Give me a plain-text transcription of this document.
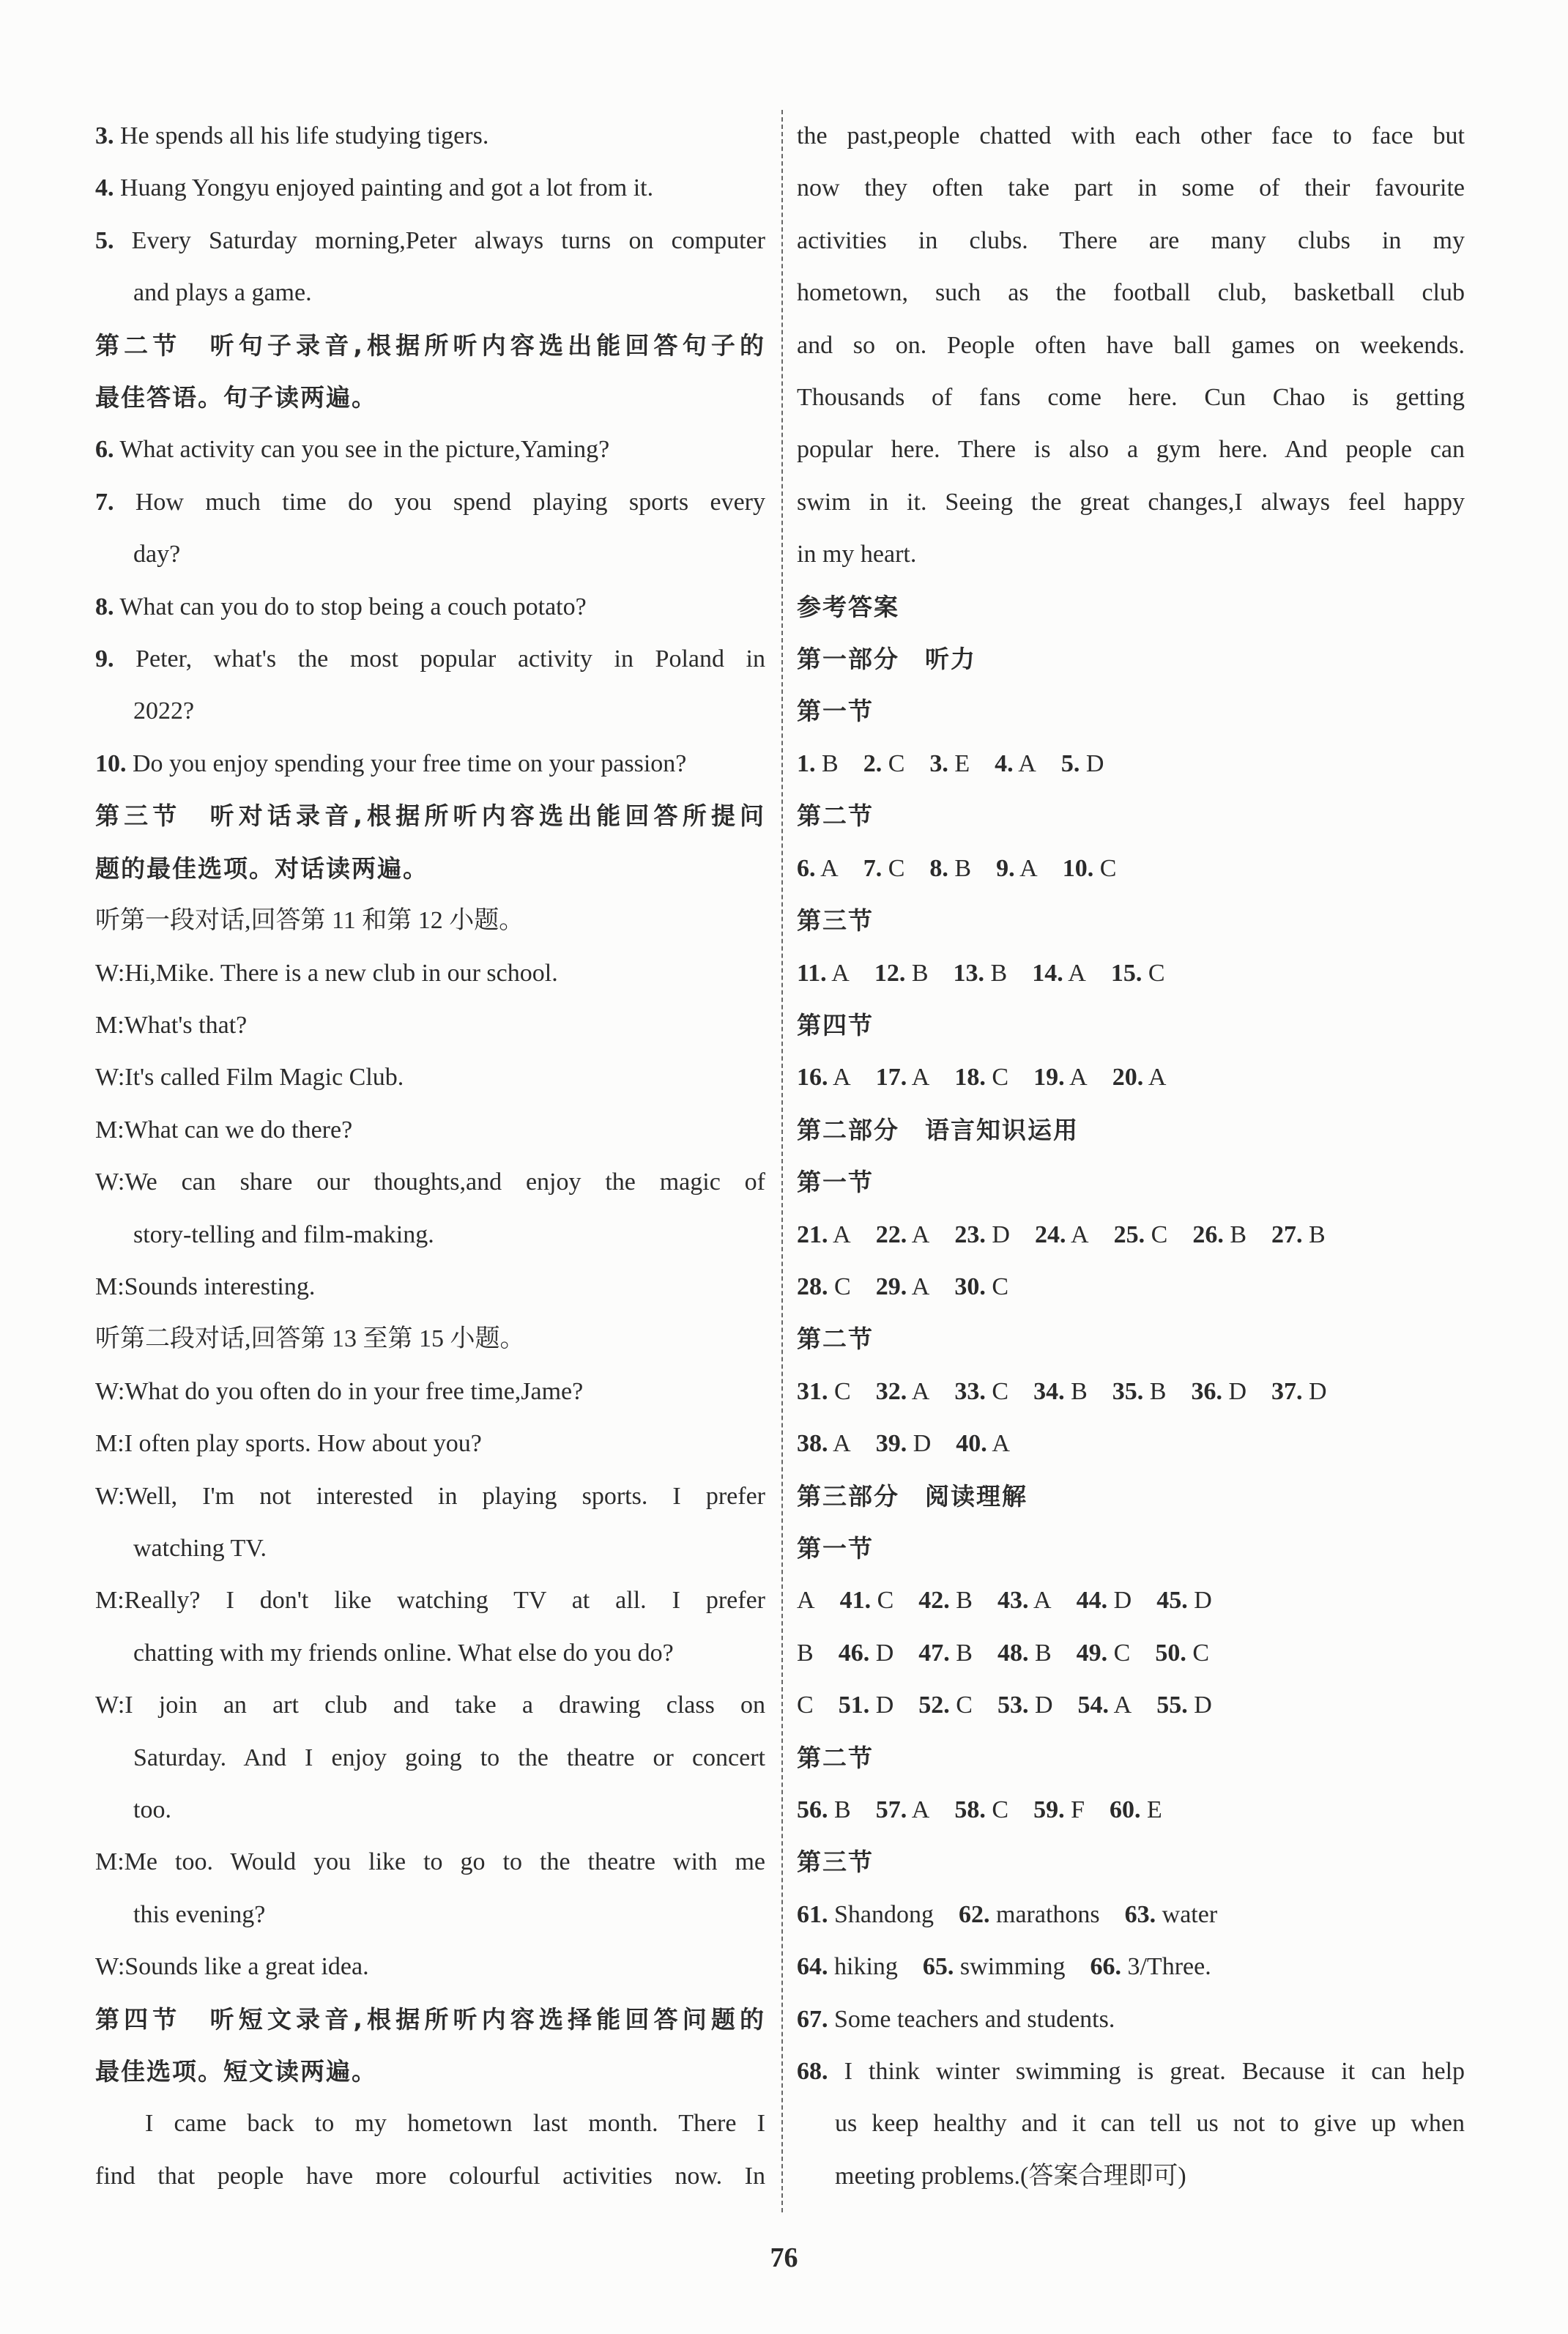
3. He spends all his life studying tigers.
4. Huang Yongyu enjoyed painting and got a lot from it.
5. Every Saturday morning,Peter always turns on computer
and plays a game.
第二节　听句子录音,根据所听内容选出能回答句子的
最佳答语。句子读两遍。
6. What activity can you see in the picture,Yaming?
7. How much time do you spend playing sports every
day?
8. What can you do to stop being a couch potato?
9. Peter, what's the most popular activity in Poland in
2022?
10. Do you enjoy spending your free time on your passion?
第三节　听对话录音,根据所听内容选出能回答所提问
题的最佳选项。对话读两遍。
听第一段对话,回答第 11 和第 12 小题。
W:Hi,Mike. There is a new club in our school.
M:What's that?
W:It's called Film Magic Club.
M:What can we do there?
W:We can share our thoughts,and enjoy the magic of
story-telling and film-making.
M:Sounds interesting.
听第二段对话,回答第 13 至第 15 小题。
W:What do you often do in your free time,Jame?
M:I often play sports. How about you?
W:Well, I'm not interested in playing sports. I prefer
watching TV.
M:Really? I don't like watching TV at all. I prefer
chatting with my friends online. What else do you do?
W:I join an art club and take a drawing class on
Saturday. And I enjoy going to the theatre or concert
too.
M:Me too. Would you like to go to the theatre with me
this evening?
W:Sounds like a great idea.
第四节　听短文录音,根据所听内容选择能回答问题的
最佳选项。短文读两遍。
I came back to my hometown last month. There I
find that people have more colourful activities now. In
the past,people chatted with each other face to face but
now they often take part in some of their favourite
activities in clubs. There are many clubs in my
hometown, such as the football club, basketball club
and so on. People often have ball games on weekends.
Thousands of fans come here. Cun Chao is getting
popular here. There is also a gym here. And people can
swim in it. Seeing the great changes,I always feel happy
in my heart.
参考答案
第一部分　听力
第一节
1. B 2. C 3. E 4. A 5. D
第二节
6. A 7. C 8. B 9. A 10. C
第三节
11. A 12. B 13. B 14. A 15. C
第四节
16. A 17. A 18. C 19. A 20. A
第二部分　语言知识运用
第一节
21. A 22. A 23. D 24. A 25. C 26. B 27. B
28. C 29. A 30. C
第二节
31. C 32. A 33. C 34. B 35. B 36. D 37. D
38. A 39. D 40. A
第三部分　阅读理解
第一节
A 41. C 42. B 43. A 44. D 45. D
B 46. D 47. B 48. B 49. C 50. C
C 51. D 52. C 53. D 54. A 55. D
第二节
56. B 57. A 58. C 59. F 60. E
第三节
61. Shandong 62. marathons 63. water
64. hiking 65. swimming 66. 3/Three.
67. Some teachers and students.
68. I think winter swimming is great. Because it can help
us keep healthy and it can tell us not to give up when
meeting problems.(答案合理即可)
76
